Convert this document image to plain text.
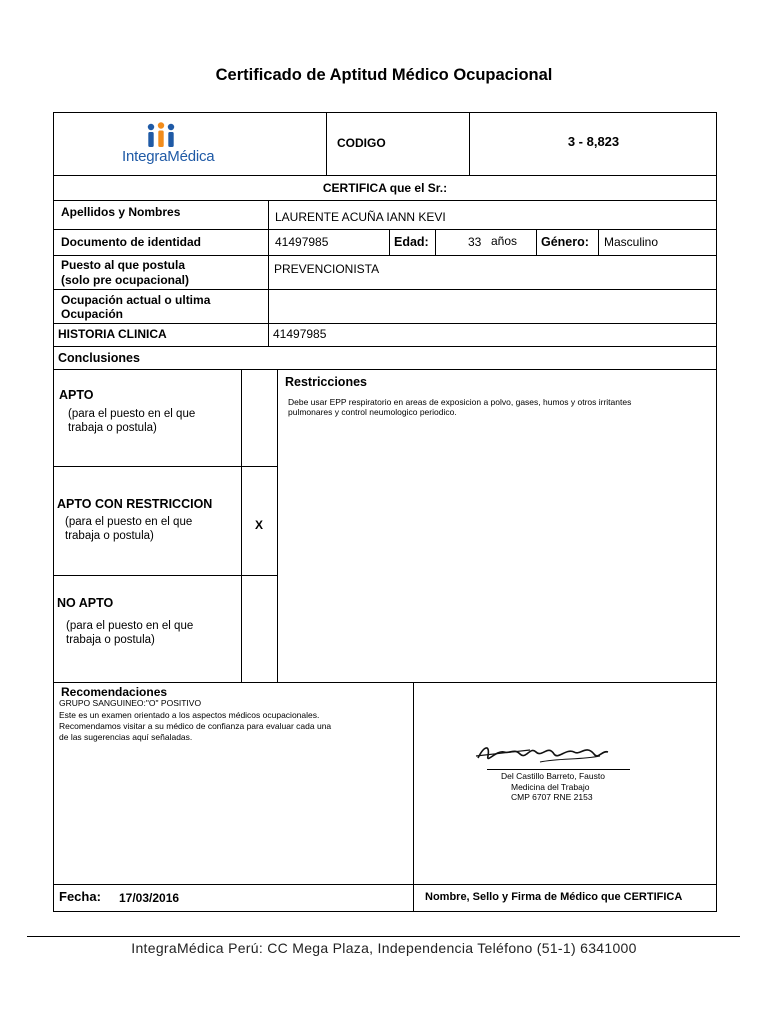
Certificado de Aptitud Médico Ocupacional
IntegraMédica
CODIGO	3 - 8,823
CERTIFICA que el Sr.:
Apellidos y Nombres	LAURENTE ACUÑA IANN KEVI
Documento de identidad	41497985	Edad:	33 años Género: Masculino
Puesto al que postula
(solo pre ocupacional)
PREVENCIONISTA
Ocupación actual o ultima
Ocupación
HISTORIA CLINICA	41497985
Conclusiones
APTO
(para el puesto en el que
trabaja o postula)
APTO CON RESTRICCION
(para el puesto en el que
trabaja o postula)
X
NO APTO
(para el puesto en el que
trabaja o postula)
Restricciones
Debe usar EPP respiratorio en areas de exposicion a polvo, gases, humos y otros irritantes
pulmonares y control neumologico periodico.
Recomendaciones
GRUPO SANGUINEO:"O" POSITIVO
Este es un examen orientado a los aspectos médicos ocupacionales.
Recomendamos visitar a su médico de confianza para evaluar cada una
de las sugerencias aquí señaladas.
Del Castillo Barreto, Fausto
Medicina del Trabajo
CMP 6707 RNE 2153
Fecha: 17/03/2016	Nombre, Sello y Firma de Médico que CERTIFICA
IntegraMédica Perú: CC Mega Plaza, Independencia Teléfono (51-1) 6341000
